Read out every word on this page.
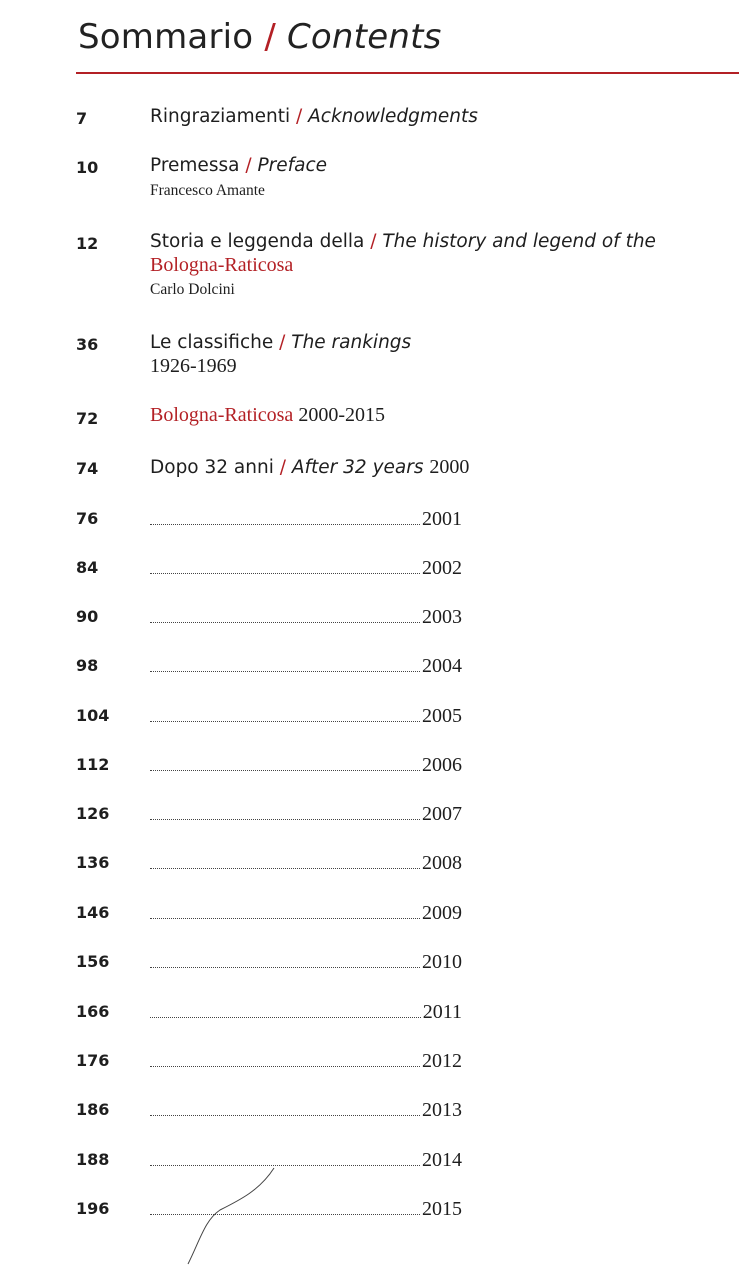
Sommario / Contents
7	Ringraziamenti / Acknowledgments
10	Premessa / Preface
Francesco Amante
12	Storia e leggenda della / The history and legend of the
Bologna-Raticosa
Carlo Dolcini
36	Le classifiche / The rankings
1926-1969
72	Bologna-Raticosa 2000-2015
74	Dopo 32 anni / After 32 years 2000
76	2001
84	2002
90	2003
98	2004
104	2005
112	2006
126	2007
136	2008
146	2009
156	2010
166	2011
176	2012
186	2013
188	2014
196	2015
